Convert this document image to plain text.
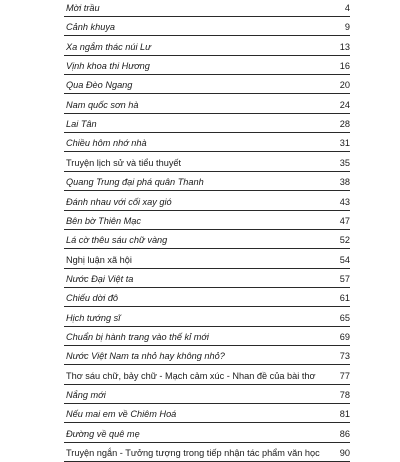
Mời trầu	4
Cảnh khuya	9
Xa ngắm thác núi Lư	13
Vịnh khoa thi Hương	16
Qua Đèo Ngang	20
Nam quốc sơn hà	24
Lai Tân	28
Chiều hôm nhớ nhà	31
Truyện lịch sử và tiểu thuyết	35
Quang Trung đại phá quân Thanh	38
Đánh nhau với cối xay gió	43
Bên bờ Thiên Mạc	47
Lá cờ thêu sáu chữ vàng	52
Nghị luận xã hội	54
Nước Đại Việt ta	57
Chiếu dời đô	61
Hịch tướng sĩ	65
Chuẩn bị hành trang vào thế kỉ mới	69
Nước Việt Nam ta nhỏ hay không nhỏ?	73
Thơ sáu chữ, bảy chữ - Mạch cảm xúc - Nhan đề của bài thơ	77
Nắng mới	78
Nếu mai em về Chiêm Hoá	81
Đường về quê mẹ	86
Truyện ngắn - Tưởng tượng trong tiếp nhận tác phẩm văn học 90
